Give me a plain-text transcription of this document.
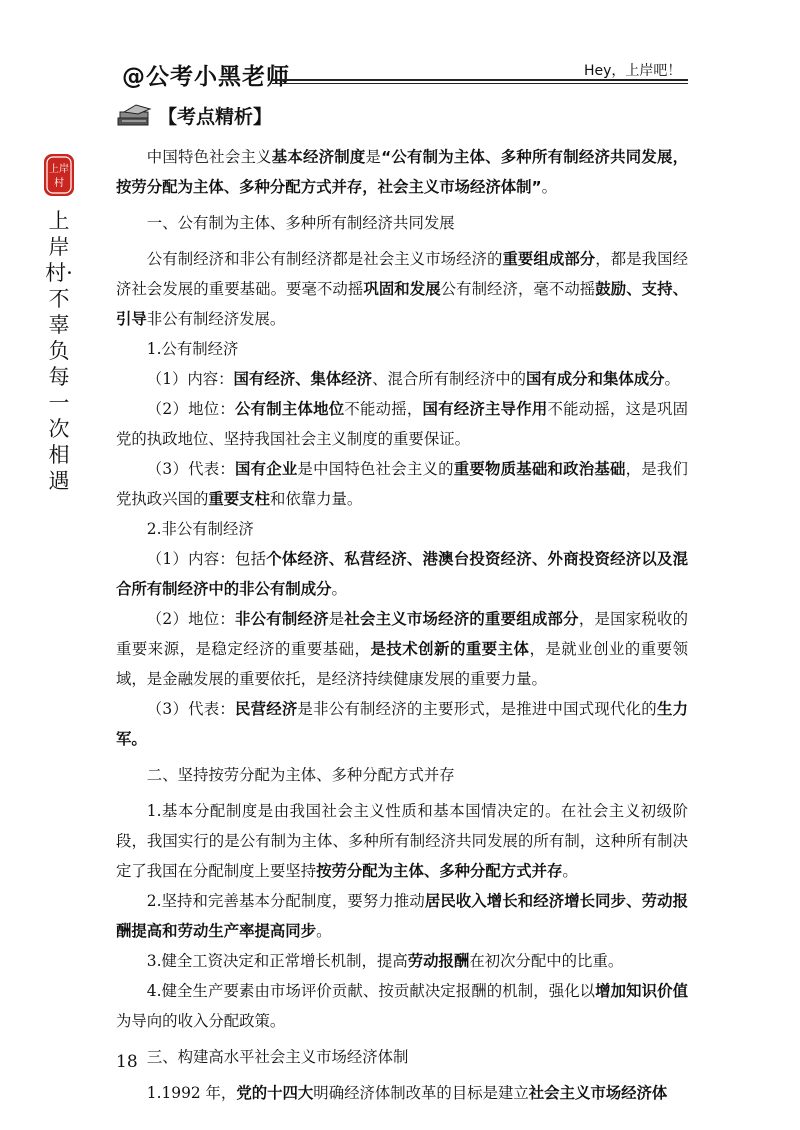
@公考小黑老师	Hey，上岸吧！
【考点精析】
上岸
村
上岸村·不辜负每一次相遇

中国特色社会主义基本经济制度是“公有制为主体、多种所有制经济共同发展，按劳分配为主体、多种分配方式并存，社会主义市场经济体制”。

一、公有制为主体、多种所有制经济共同发展

公有制经济和非公有制经济都是社会主义市场经济的重要组成部分，都是我国经济社会发展的重要基础。要毫不动摇巩固和发展公有制经济，毫不动摇鼓励、支持、引导非公有制经济发展。

1.公有制经济

（1）内容：国有经济、集体经济、混合所有制经济中的国有成分和集体成分。

（2）地位：公有制主体地位不能动摇，国有经济主导作用不能动摇，这是巩固党的执政地位、坚持我国社会主义制度的重要保证。

（3）代表：国有企业是中国特色社会主义的重要物质基础和政治基础，是我们党执政兴国的重要支柱和依靠力量。

2.非公有制经济

（1）内容：包括个体经济、私营经济、港澳台投资经济、外商投资经济以及混合所有制经济中的非公有制成分。

（2）地位：非公有制经济是社会主义市场经济的重要组成部分，是国家税收的重要来源，是稳定经济的重要基础，是技术创新的重要主体，是就业创业的重要领域，是金融发展的重要依托，是经济持续健康发展的重要力量。

（3）代表：民营经济是非公有制经济的主要形式，是推进中国式现代化的生力军。

二、坚持按劳分配为主体、多种分配方式并存

1.基本分配制度是由我国社会主义性质和基本国情决定的。在社会主义初级阶段，我国实行的是公有制为主体、多种所有制经济共同发展的所有制，这种所有制决定了我国在分配制度上要坚持按劳分配为主体、多种分配方式并存。

2.坚持和完善基本分配制度，要努力推动居民收入增长和经济增长同步、劳动报酬提高和劳动生产率提高同步。

3.健全工资决定和正常增长机制，提高劳动报酬在初次分配中的比重。

4.健全生产要素由市场评价贡献、按贡献决定报酬的机制，强化以增加知识价值为导向的收入分配政策。

三、构建高水平社会主义市场经济体制

1.1992 年，党的十四大明确经济体制改革的目标是建立社会主义市场经济体

18
